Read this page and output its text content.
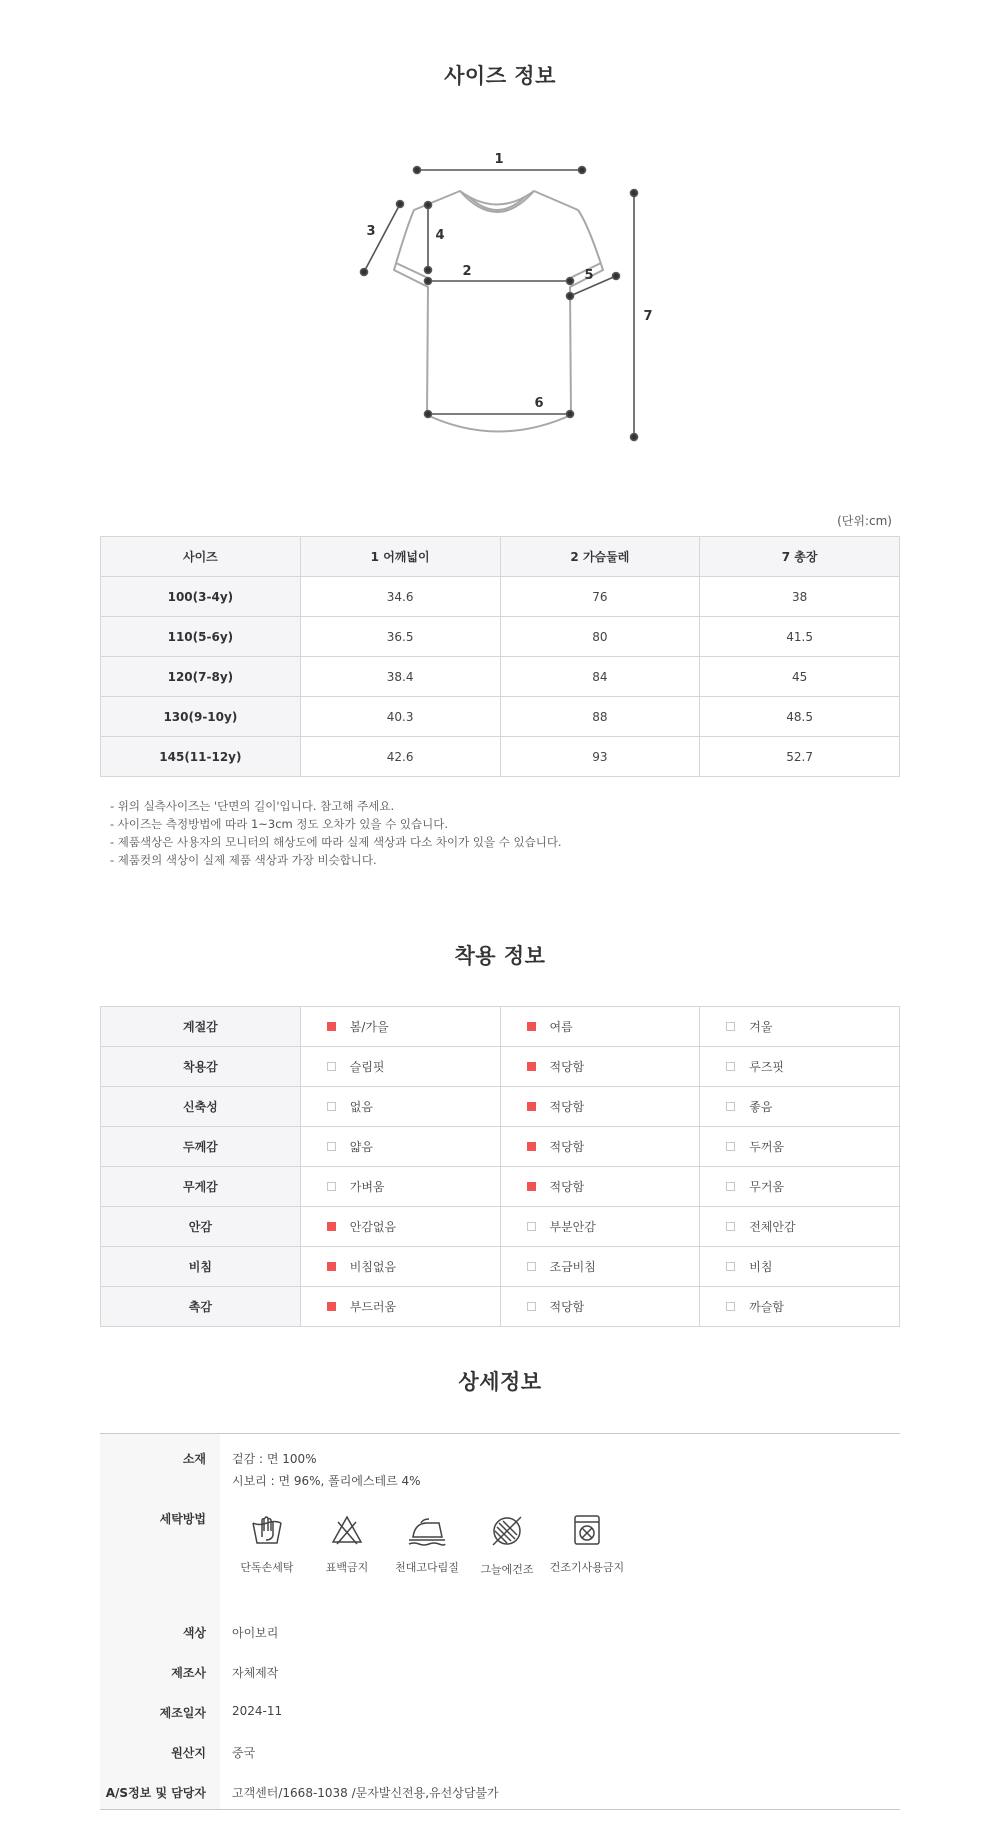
사이즈 정보
1
2
3	4
5
6
7
(단위:cm)
사이즈	1 어깨넓이	2 가슴둘레	7 총장
100(3-4y)	34.6	76	38
110(5-6y)	36.5	80	41.5
120(7-8y)	38.4	84	45
130(9-10y)	40.3	88	48.5
145(11-12y)	42.6	93	52.7
- 위의 실측사이즈는 '단면의 길이'입니다. 참고해 주세요.
- 사이즈는 측정방법에 따라 1~3cm 정도 오차가 있을 수 있습니다.
- 제품색상은 사용자의 모니터의 해상도에 따라 실제 색상과 다소 차이가 있을 수 있습니다.
- 제품컷의 색상이 실제 제품 색상과 가장 비슷합니다.
착용 정보
계절감	봄/가을	여름	겨울
착용감	슬림핏	적당함	루즈핏
신축성	없음	적당함	좋음
두께감	얇음	적당함	두꺼움
무게감	가벼움	적당함	무거움
안감	안감없음	부분안감	전체안감
비침	비침없음	조금비침	비침
촉감	부드러움	적당함	까슬함
상세정보
소재 겉감 : 면 100%
시보리 : 면 96%, 폴리에스테르 4%
세탁방법
단독손세탁	표백금지	천대고다림질	그늘에건조	건조기사용금지
색상 아이보리
제조사 자체제작
제조일자 2024-11
원산지 중국
A/S정보 및 담당자 고객센터/1668-1038 /문자발신전용,유선상담불가
